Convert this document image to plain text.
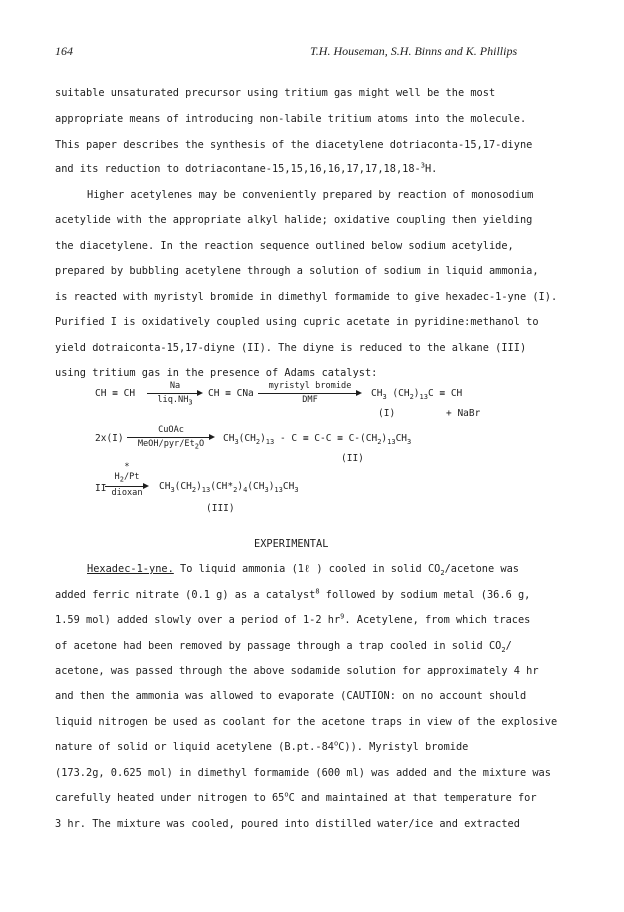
164	T.H. Houseman, S.H. Binns and K. Phillips
suitable unsaturated precursor using tritium gas might well be the most
appropriate means of introducing non-labile tritium atoms into the molecule.
This paper describes the synthesis of the diacetylene dotriaconta-15,17-diyne
and its reduction to dotriacontane-15,15,16,16,17,17,18,18-$^3$H.
Higher acetylenes may be conveniently prepared by reaction of monosodium
acetylide with the appropriate alkyl halide; oxidative coupling then yielding
the diacetylene. In the reaction sequence outlined below sodium acetylide,
prepared by bubbling acetylene through a solution of sodium in liquid ammonia,
is reacted with myristyl bromide in dimethyl formamide to give hexadec-1-yne (I).
Purified I is oxidatively coupled using cupric acetate in pyridine:methanol to
yield dotraiconta-15,17-diyne (II). The diyne is reduced to the alkane (III)
using tritium gas in the presence of Adams catalyst:
CH ≡ CH
Na
$liq.NH_3$
CH ≡ CNa
myristyl bromide
DMF
$CH_3$ $(CH_2)_{13}C$ ≡ CH
(I)	+ NaBr
2x(I)
CuOAc
MeOH/$pyr/Et_2O$	$CH_3(CH_2)_{13} - C \equiv C-C \equiv C-(CH_2)_{13}CH_3$
(II)
II
*
$H_2/Pt$
dioxan
$CH_3(CH_2)_{13}(CH*_2)_4(CH_3)_{13}CH_3$
(III)
EXPERIMENTAL
Hexadec-1-yne. To liquid ammonia (1ℓ ) cooled in solid $CO_2$/acetone was
added ferric nitrate (0.1 g) as a catalyst$^8$ followed by sodium metal (36.6 g,
1.59 mol) added slowly over a period of 1-2 $hr^9$. Acetylene, from which traces
of acetone had been removed by passage through a trap cooled in solid $CO_2/$
acetone, was passed through the above sodamide solution for approximately 4 hr
and then the ammonia was allowed to evaporate (CAUTION: on no account should
liquid nitrogen be used as coolant for the acetone traps in view of the explosive
nature of solid or liquid acetylene (B.pt.-84$^o$C)). Myristyl bromide
(173.2g, 0.625 mol) in dimethyl formamide (600 ml) was added and the mixture was
carefully heated under nitrogen to 65$^o$C and maintained at that temperature for
3 hr. The mixture was cooled, poured into distilled water/ice and extracted
